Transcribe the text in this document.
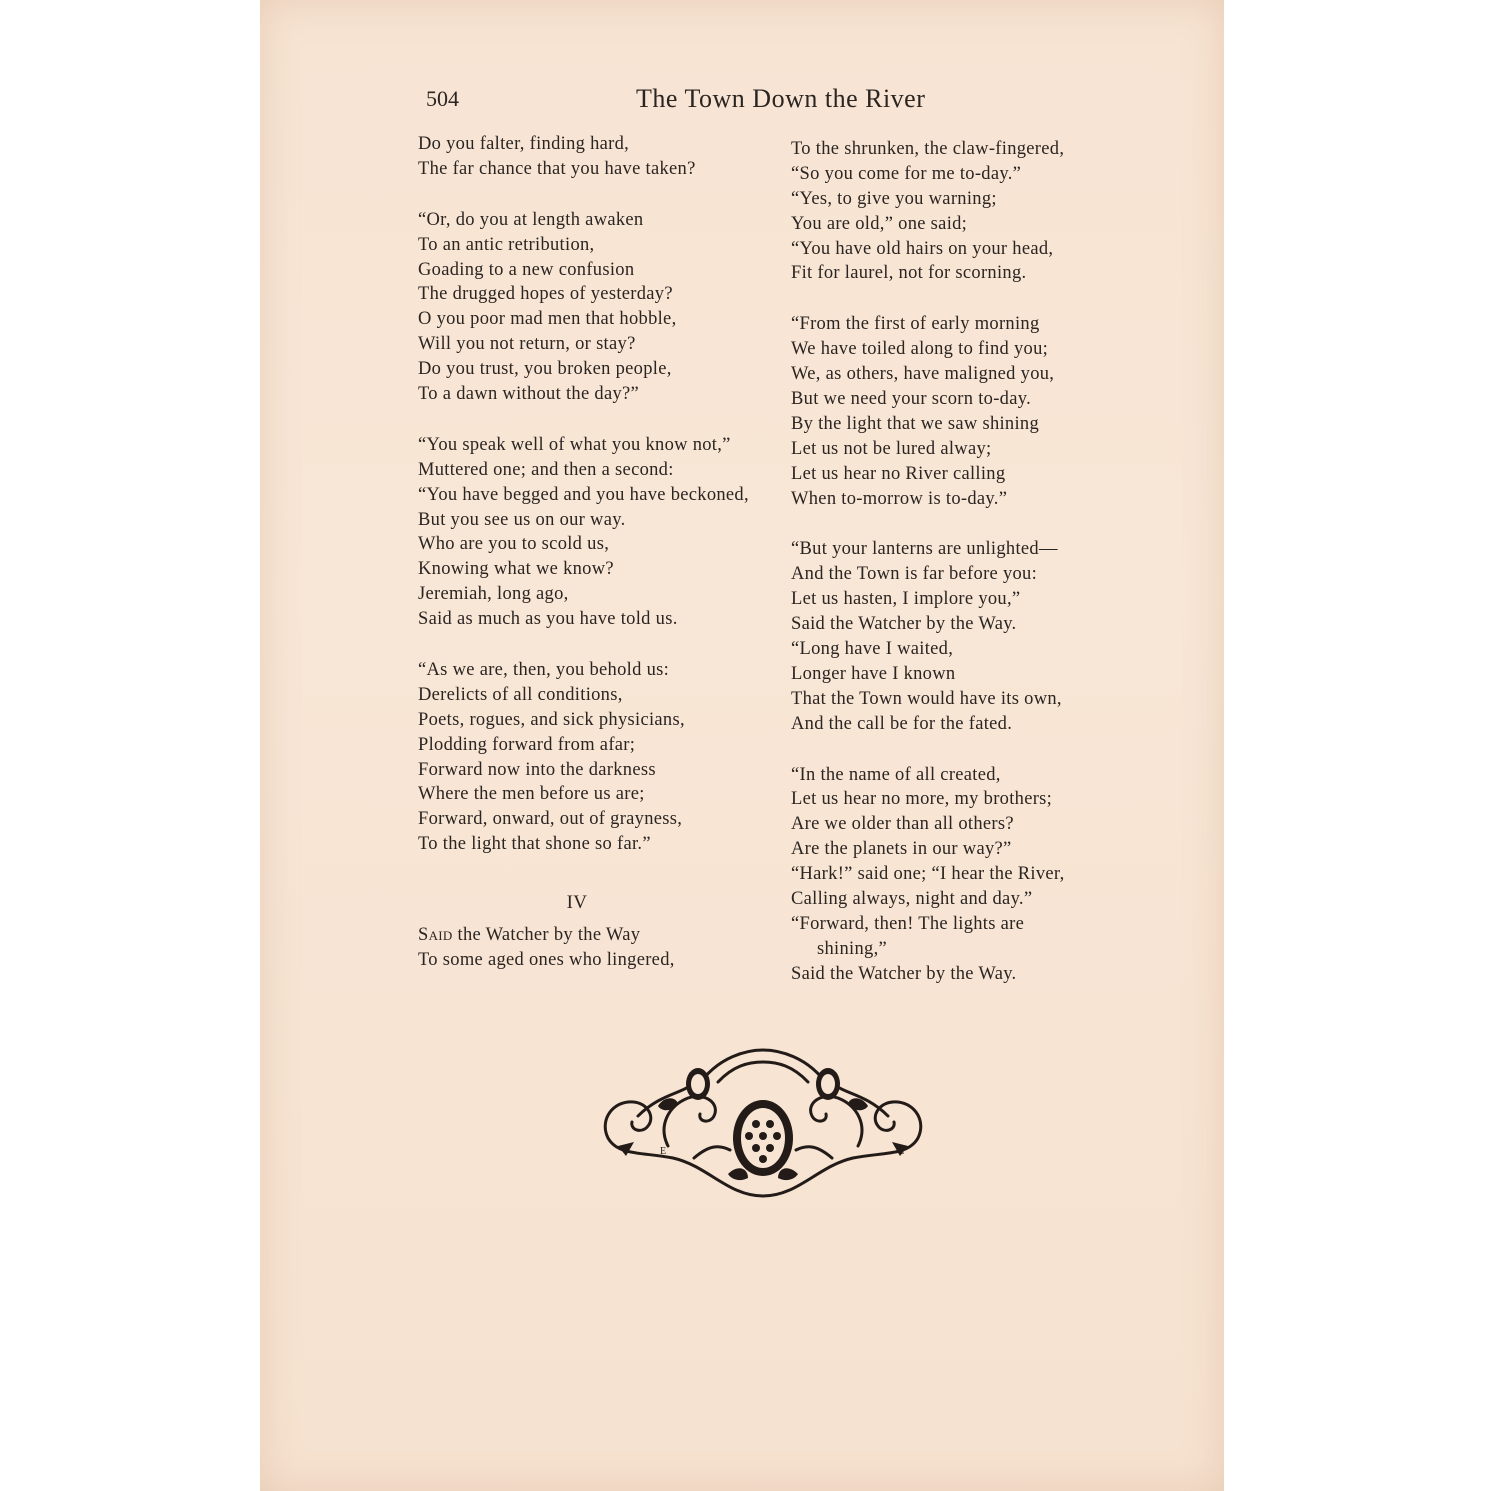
504	The Town Down the River
Do you falter, finding hard,
The far chance that you have taken?
“Or, do you at length awaken
To an antic retribution,
Goading to a new confusion
The drugged hopes of yesterday?
O you poor mad men that hobble,
Will you not return, or stay?
Do you trust, you broken people,
To a dawn without the day?”
“You speak well of what you know not,”
Muttered one; and then a second:
“You have begged and you have beckoned,
But you see us on our way.
Who are you to scold us,
Knowing what we know?
Jeremiah, long ago,
Said as much as you have told us.
“As we are, then, you behold us:
Derelicts of all conditions,
Poets, rogues, and sick physicians,
Plodding forward from afar;
Forward now into the darkness
Where the men before us are;
Forward, onward, out of grayness,
To the light that shone so far.”
IV
Said the Watcher by the Way
To some aged ones who lingered,
To the shrunken, the claw-fingered,
“So you come for me to-day.”
“Yes, to give you warning;
You are old,” one said;
“You have old hairs on your head,
Fit for laurel, not for scorning.
“From the first of early morning
We have toiled along to find you;
We, as others, have maligned you,
But we need your scorn to-day.
By the light that we saw shining
Let us not be lured alway;
Let us hear no River calling
When to-morrow is to-day.”
“But your lanterns are unlighted—
And the Town is far before you:
Let us hasten, I implore you,”
Said the Watcher by the Way.
“Long have I waited,
Longer have I known
That the Town would have its own,
And the call be for the fated.
“In the name of all created,
Let us hear no more, my brothers;
Are we older than all others?
Are the planets in our way?”
“Hark!” said one; “I hear the River,
Calling always, night and day.”
“Forward, then! The lights are
shining,”
Said the Watcher by the Way.
E	E
